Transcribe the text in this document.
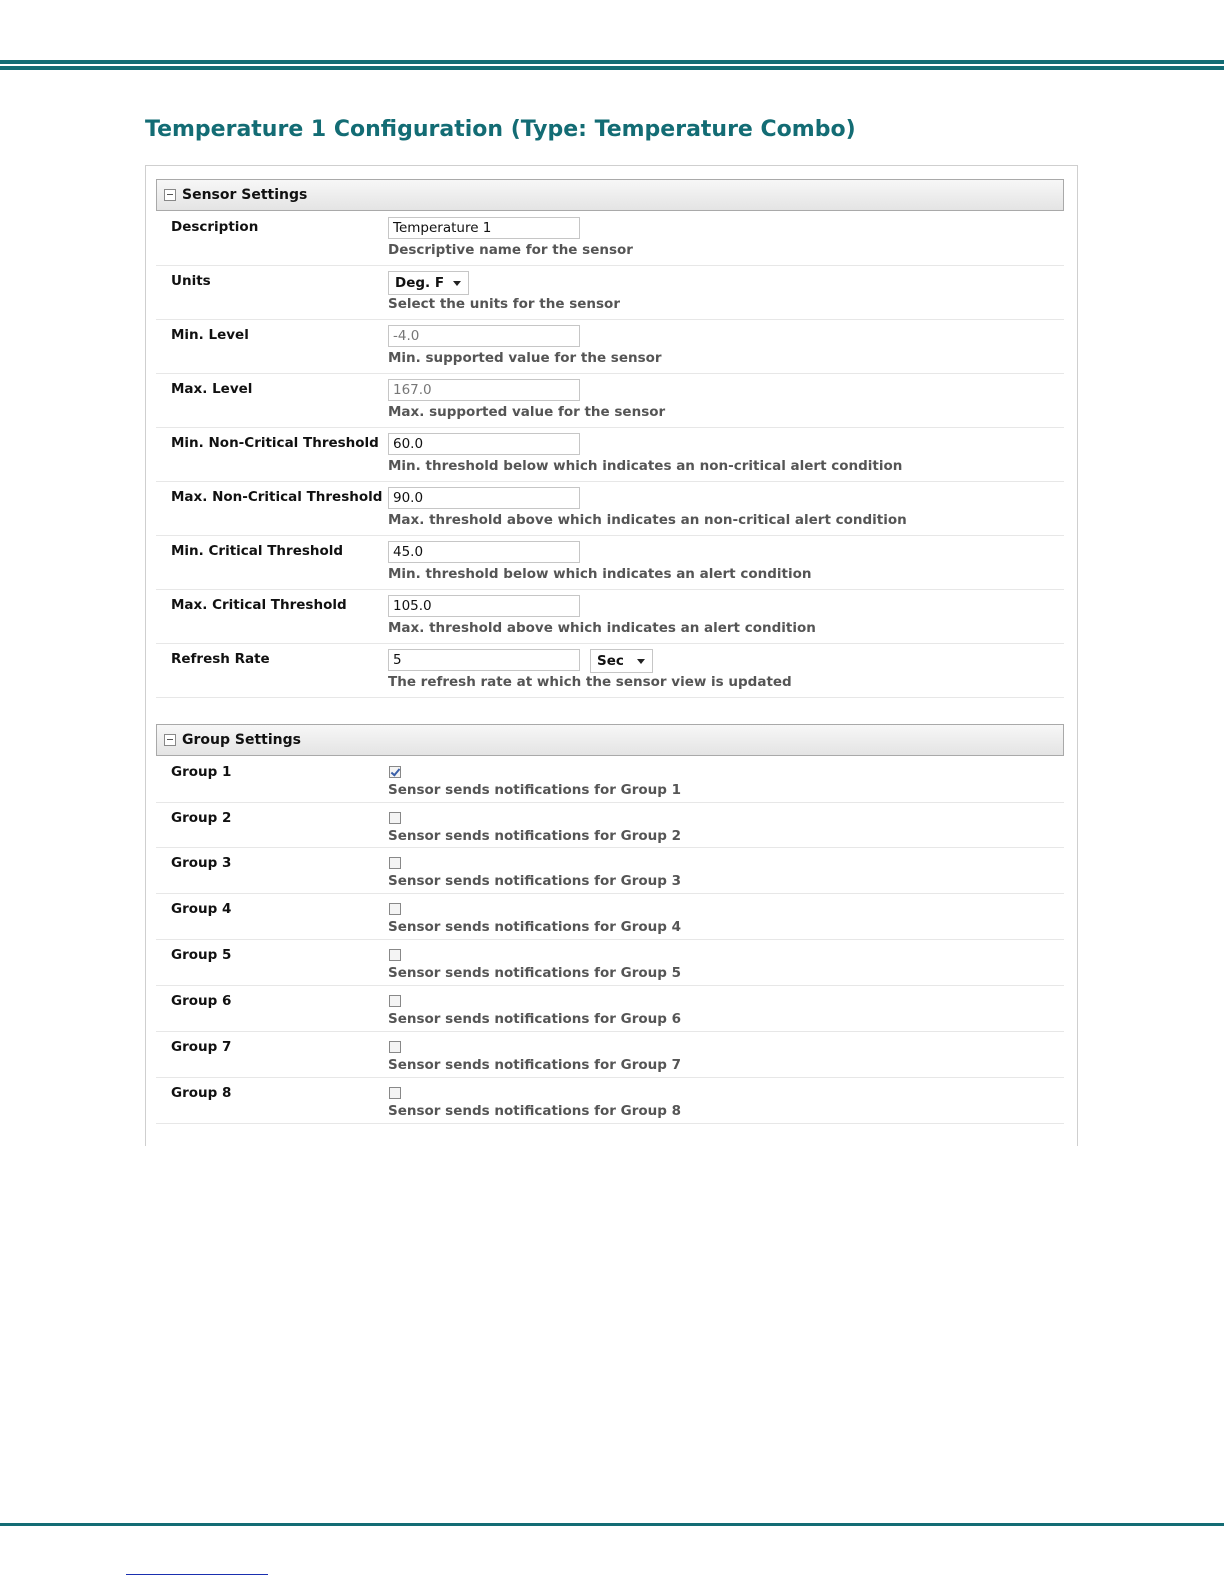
Temperature 1 Configuration (Type: Temperature Combo)
Sensor Settings
Description	Temperature 1
Descriptive name for the sensor
Units	Deg. F
Select the units for the sensor
Min. Level	-4.0
Min. supported value for the sensor
Max. Level	167.0
Max. supported value for the sensor
Min. Non-Critical Threshold	60.0
Min. threshold below which indicates an non-critical alert condition
Max. Non-Critical Threshold 90.0
Max. threshold above which indicates an non-critical alert condition
Min. Critical Threshold	45.0
Min. threshold below which indicates an alert condition
Max. Critical Threshold	105.0
Max. threshold above which indicates an alert condition
Refresh Rate	5	Sec
The refresh rate at which the sensor view is updated
Group Settings
Group 1
Sensor sends notifications for Group 1
Group 2
Sensor sends notifications for Group 2
Group 3
Sensor sends notifications for Group 3
Group 4
Sensor sends notifications for Group 4
Group 5
Sensor sends notifications for Group 5
Group 6
Sensor sends notifications for Group 6
Group 7
Sensor sends notifications for Group 7
Group 8
Sensor sends notifications for Group 8
